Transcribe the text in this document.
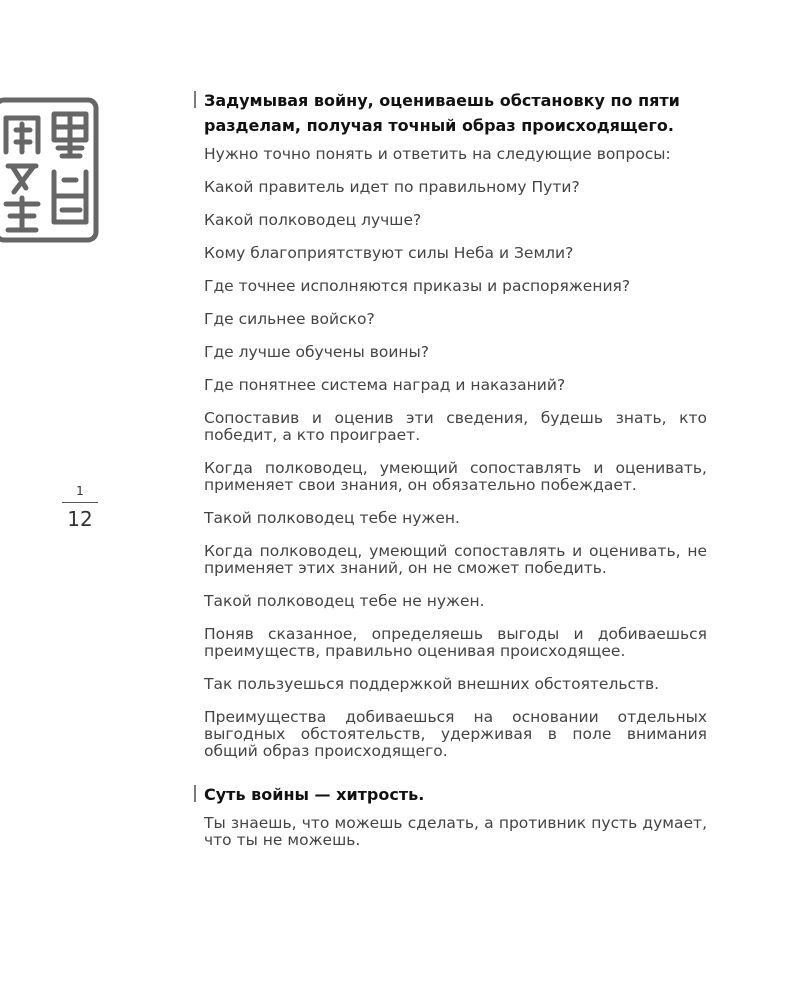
1
12
Задумывая войну, оцениваешь обстановку по пяти разделам, получая точный образ происходящего.

Нужно точно понять и ответить на следующие вопросы:

Какой правитель идет по правильному Пути?

Какой полководец лучше?

Кому благоприятствуют силы Неба и Земли?

Где точнее исполняются приказы и распоряжения?

Где сильнее войско?

Где лучше обучены воины?

Где понятнее система наград и наказаний?

Сопоставив и оценив эти сведения, будешь знать, кто победит, а кто проиграет.

Когда полководец, умеющий сопоставлять и оценивать, применяет свои знания, он обязательно побеждает.

Такой полководец тебе нужен.

Когда полководец, умеющий сопоставлять и оценивать, не применяет этих знаний, он не сможет победить.

Такой полководец тебе не нужен.

Поняв сказанное, определяешь выгоды и добиваешься преимуществ, правильно оценивая происходящее.

Так пользуешься поддержкой внешних обстоятельств.

Преимущества добиваешься на основании отдельных выгодных обстоятельств, удерживая в поле внимания общий образ происходящего.

Суть войны — хитрость.

Ты знаешь, что можешь сделать, а противник пусть думает, что ты не можешь.
